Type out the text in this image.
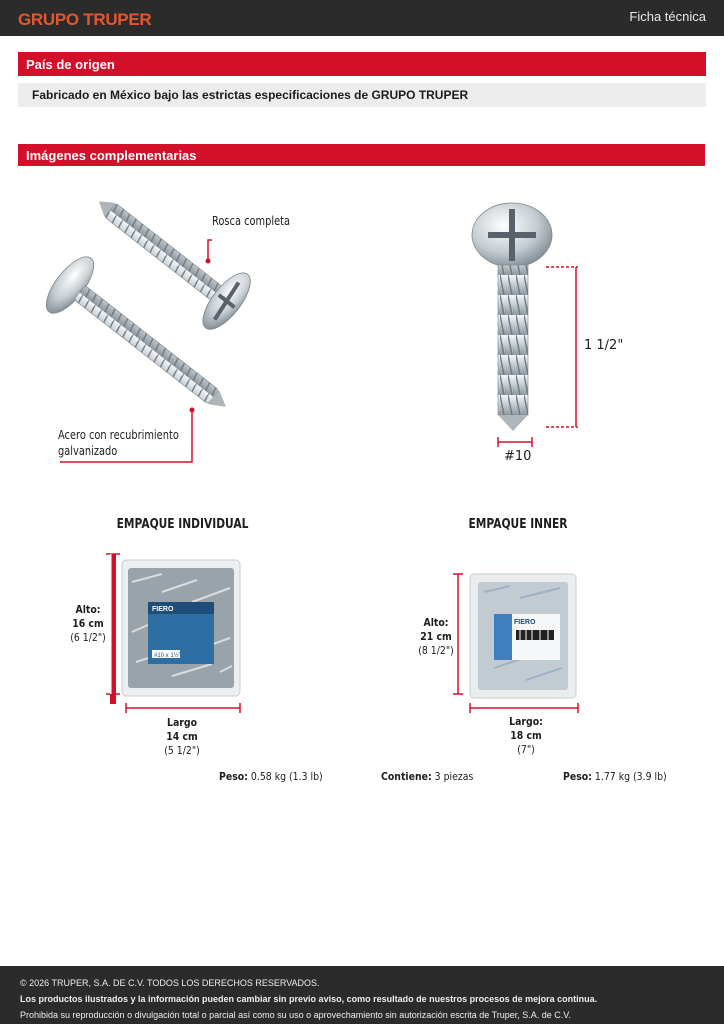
GRUPO TRUPER	Ficha técnica
País de origen
Fabricado en México bajo las estrictas especificaciones de GRUPO TRUPER
Imágenes complementarias
Rosca completa
Acero con recubrimiento
galvanizado
1 1/2"
#10
EMPAQUE INDIVIDUAL	EMPAQUE INNER
FIERO
#10 x 1½"
Alto:
16 cm
(6 1/2")
Largo
14 cm
(5 1/2")
FIERO
Alto:
21 cm
(8 1/2")
Largo:
18 cm
(7")
Peso: 0.58 kg (1.3 lb)	Contiene: 3 piezas	Peso: 1.77 kg (3.9 lb)
© 2026 TRUPER, S.A. DE C.V. TODOS LOS DERECHOS RESERVADOS.
Los productos ilustrados y la información pueden cambiar sin previo aviso, como resultado de nuestros procesos de mejora continua.
Prohibida su reproducción o divulgación total o parcial así como su uso o aprovechamiento sin autorización escrita de Truper, S.A. de C.V.
